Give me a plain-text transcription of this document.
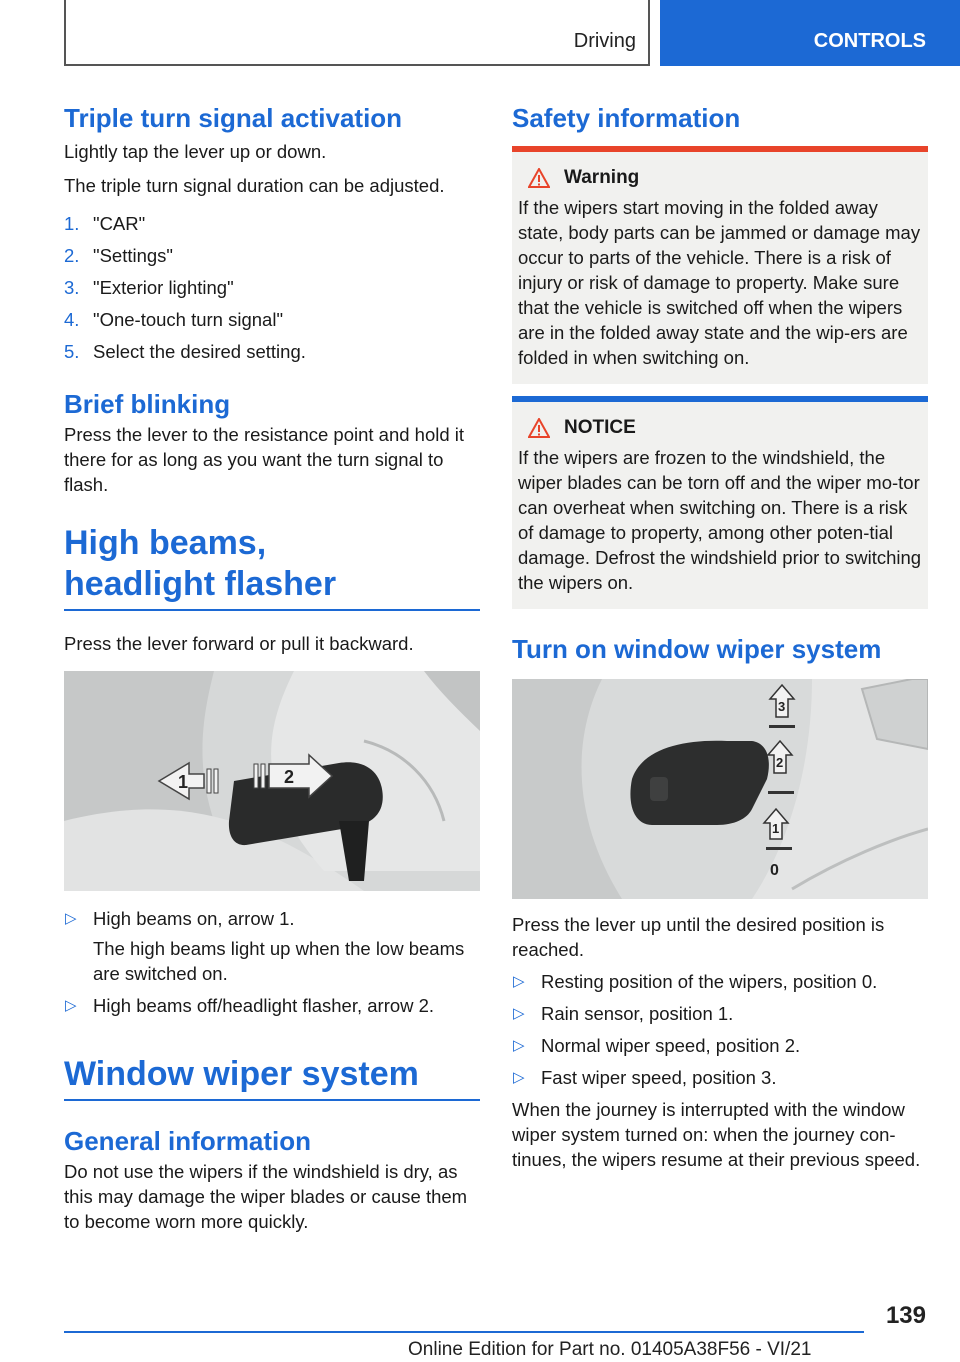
Driving	CONTROLS
Triple turn signal activation

Lightly tap the lever up or down.

The triple turn signal duration can be adjusted.

1. "CAR"
2. "Settings"
3. "Exterior lighting"
4. "One-touch turn signal"
5. Select the desired setting.
Brief blinking

Press the lever to the resistance point and hold it there for as long as you want the turn signal to flash.

High beams,
headlight flasher

Press the lever forward or pull it backward.

1	2
▷ High beams on, arrow 1.

The high beams light up when the low beams are switched on.

▷ High beams off/headlight flasher, arrow 2.

Window wiper system
General information

Do not use the wipers if the windshield is dry, as this may damage the wiper blades or cause them to become worn more quickly.

Safety information
Warning

If the wipers start moving in the folded away state, body parts can be jammed or damage may occur to parts of the vehicle. There is a risk of injury or risk of damage to property. Make sure that the vehicle is switched off when the wipers are in the folded away state and the wip‐ers are folded in when switching on.

NOTICE

If the wipers are frozen to the windshield, the wiper blades can be torn off and the wiper mo‐tor can overheat when switching on. There is a risk of damage to property, among other poten‐tial damage. Defrost the windshield prior to switching the wipers on.

Turn on window wiper system
3
2
1
0

Press the lever up until the desired position is reached.

▷ Resting position of the wipers, position 0.
▷ Rain sensor, position 1.
▷ Normal wiper speed, position 2.
▷ Fast wiper speed, position 3.

When the journey is interrupted with the window wiper system turned on: when the journey con‐tinues, the wipers resume at their previous speed.

139
Online Edition for Part no. 01405A38F56 - VI/21
